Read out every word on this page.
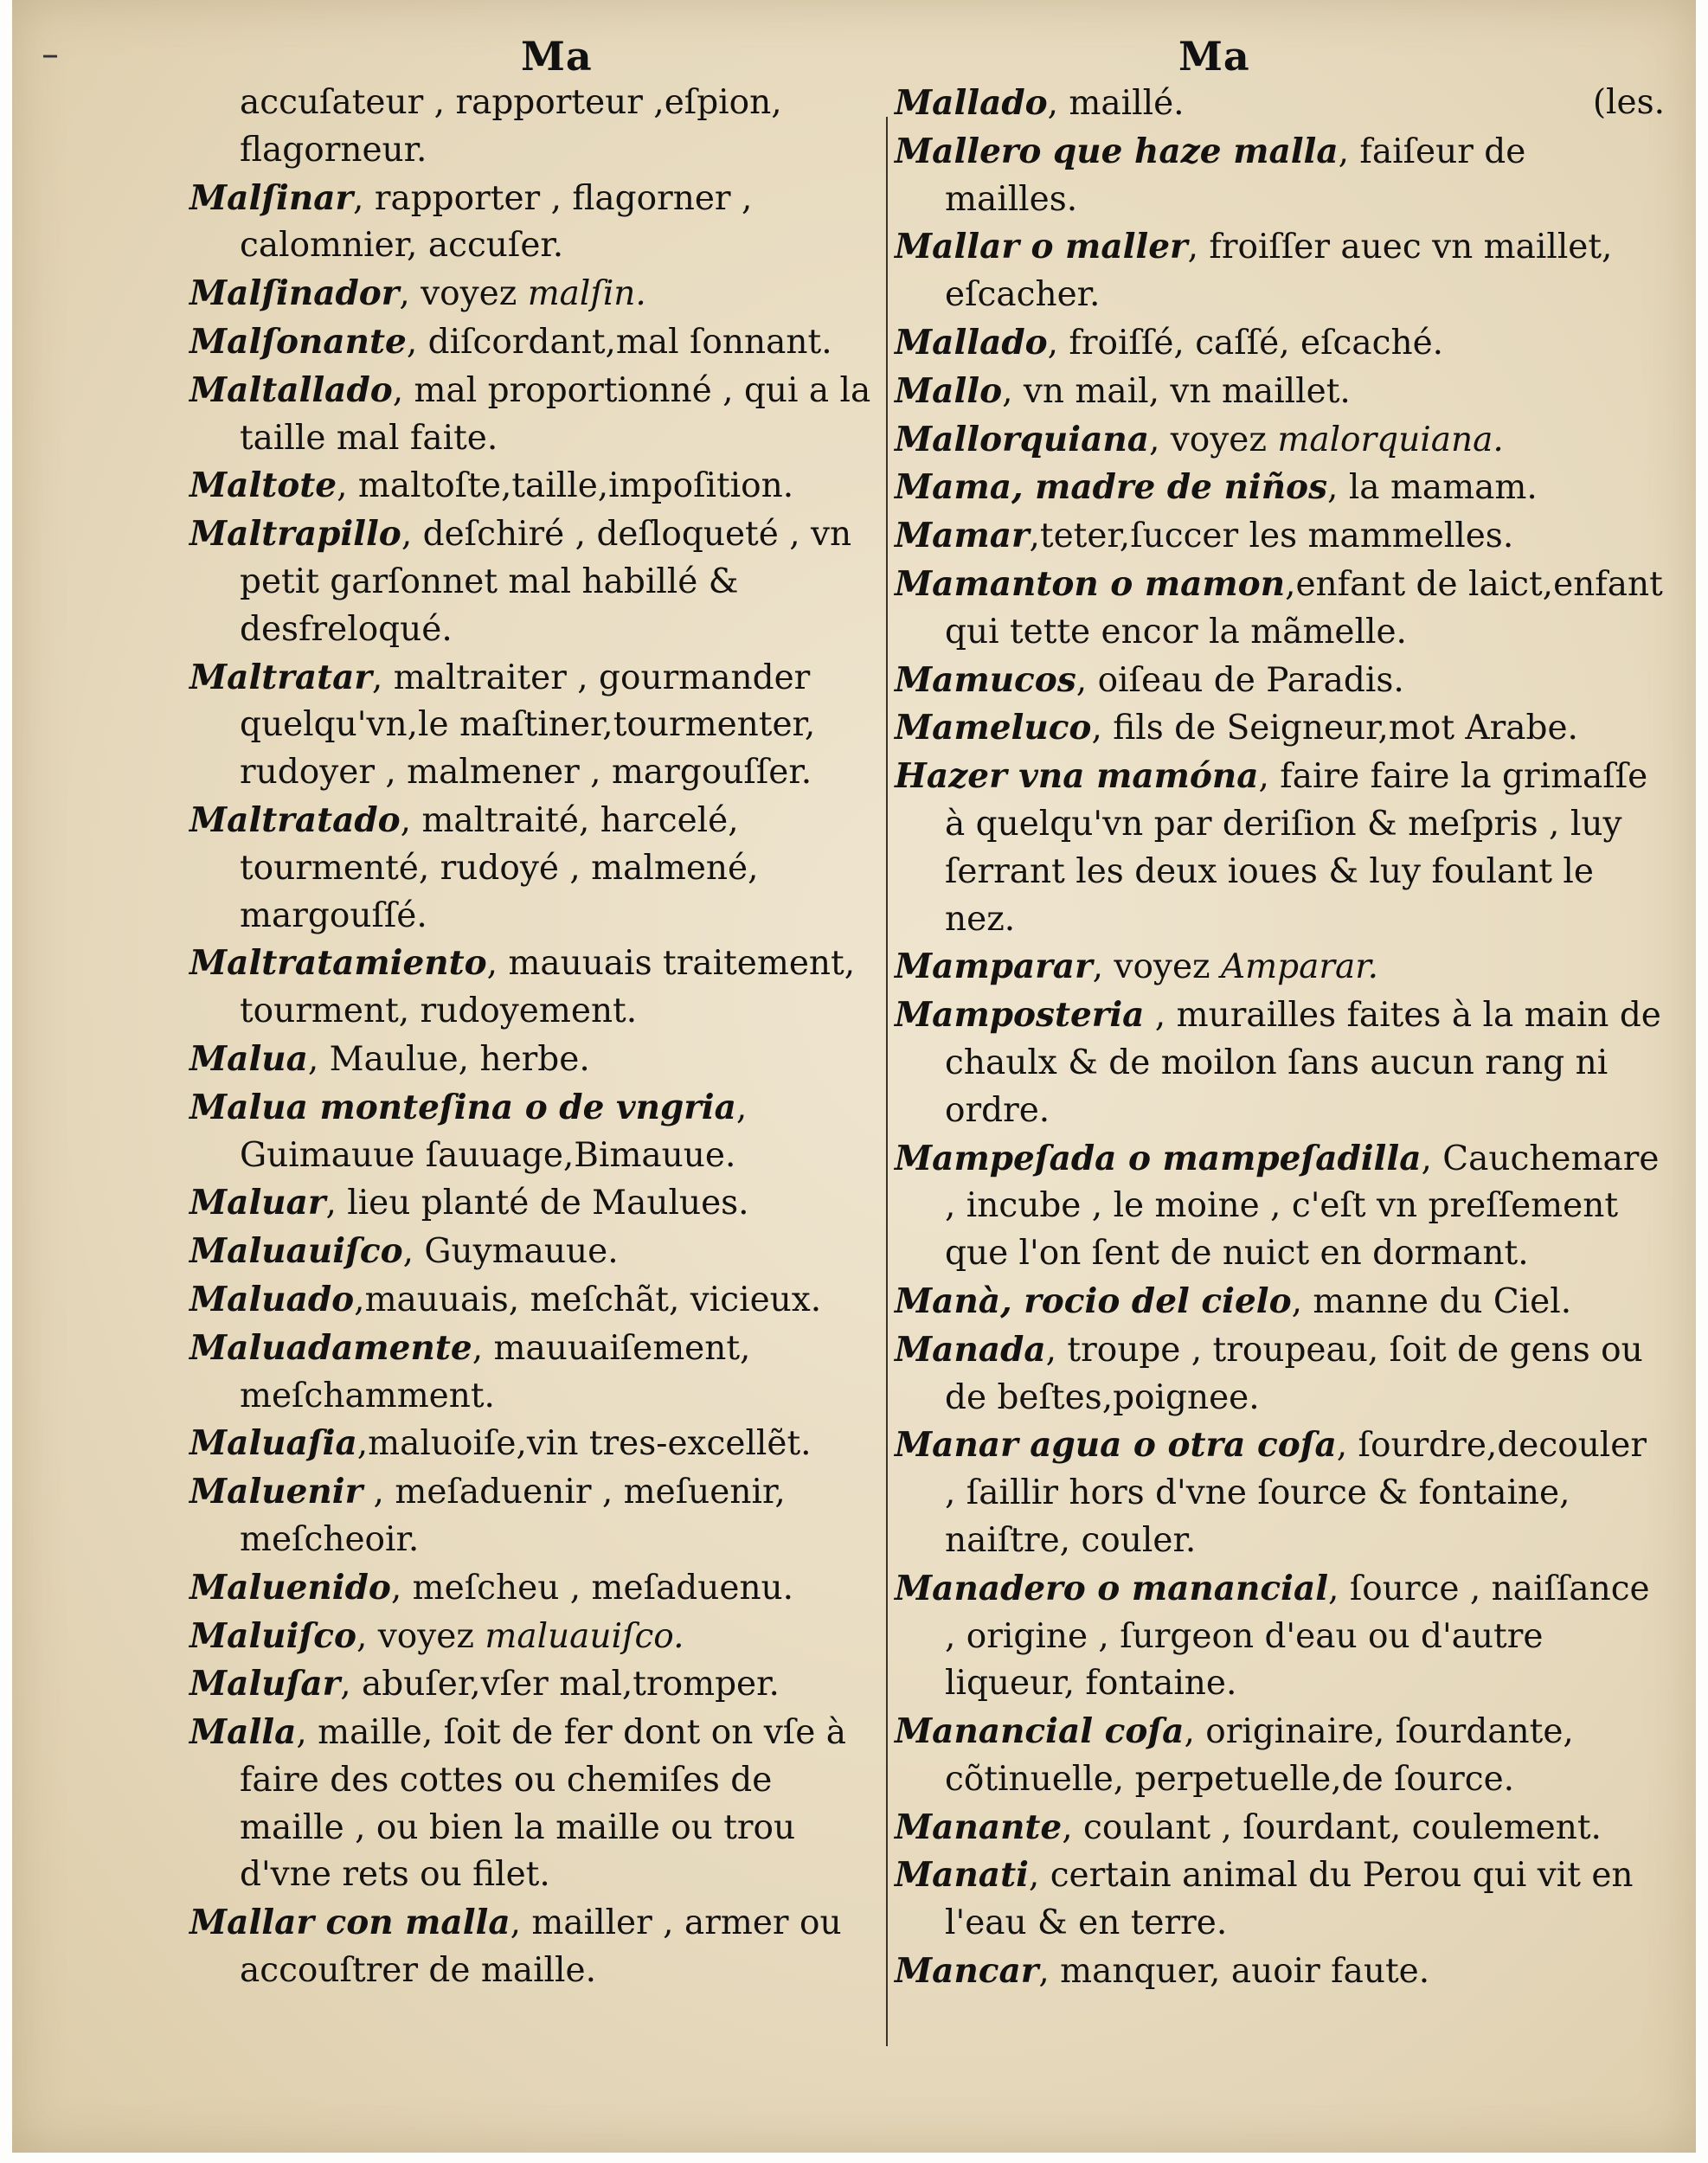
–	Ma	Ma
accuſateur , rapporteur ,eſpion,
flagorneur.
Malſinar, rapporter , flagorner , calomnier, accuſer.
Malſinador, voyez malſin.
Malſonante, diſcordant,mal ſonnant.
Maltallado, mal proportionné , qui a la taille mal faite.
Maltote, maltoſte,taille,impoſition.
Maltrapillo, deſchiré , deſloqueté , vn petit garſonnet mal habillé & desfreloqué.
Maltratar, maltraiter , gourmander quelqu'vn,le maſtiner,tourmenter, rudoyer , malmener , margouſſer.
Maltratado, maltraité, harcelé, tourmenté, rudoyé , malmené, margouſſé.
Maltratamiento, mauuais traitement, tourment, rudoyement.
Malua, Maulue, herbe.
Malua monteſina o de vngria, Guimauue ſauuage,Bimauue.
Maluar, lieu planté de Maulues.
Maluauiſco, Guymauue.
Maluado,mauuais, meſchãt, vicieux.
Maluadamente, mauuaiſement, meſchamment.
Maluaſia,maluoiſe,vin tres-excellẽt.
Maluenir , meſaduenir , meſuenir, meſcheoir.
Maluenido, meſcheu , meſaduenu.
Maluiſco, voyez maluauiſco.
Maluſar, abuſer,vſer mal,tromper.
Malla, maille, ſoit de fer dont on vſe à faire des cottes ou chemiſes de maille , ou bien la maille ou trou d'vne rets ou filet.
Mallar con malla, mailler , armer ou accouſtrer de maille.
Mallado, maillé.	(les.
Mallero que haze malla, faiſeur de mailles.
Mallar o maller, froiſſer auec vn maillet, eſcacher.
Mallado, froiſſé, caſſé, eſcaché.
Mallo, vn mail, vn maillet.
Mallorquiana, voyez malorquiana.
Mama, madre de niños, la mamam.
Mamar,teter,ſuccer les mammelles.
Mamanton o mamon,enfant de laict,enfant qui tette encor la mãmelle.
Mamucos, oiſeau de Paradis.
Mameluco, fils de Seigneur,mot Arabe.
Hazer vna mamóna, faire faire la grimaſſe à quelqu'vn par deriſion & meſpris , luy ſerrant les deux ioues & luy foulant le nez.
Mamparar, voyez Amparar.
Mamposteria , murailles faites à la main de chaulx & de moilon ſans aucun rang ni ordre.
Mampeſada o mampeſadilla, Cauchemare , incube , le moine , c'eſt vn preſſement que l'on ſent de nuict en dormant.
Manà, rocio del cielo, manne du Ciel.
Manada, troupe , troupeau, ſoit de gens ou de beſtes,poignee.
Manar agua o otra coſa, ſourdre,decouler , ſaillir hors d'vne ſource & fontaine, naiſtre, couler.
Manadero o manancial, ſource , naiſſance , origine , ſurgeon d'eau ou d'autre liqueur, fontaine.
Manancial coſa, originaire, ſourdante, cõtinuelle, perpetuelle,de ſource.
Manante, coulant , ſourdant, coulement.
Manati, certain animal du Perou qui vit en l'eau & en terre.
Mancar, manquer, auoir faute.
